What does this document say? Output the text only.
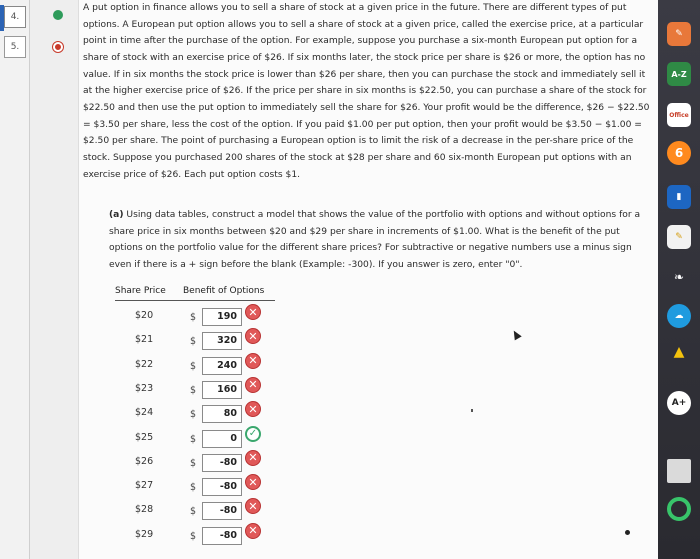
4.
5.

A put option in finance allows you to sell a share of stock at a given price in the future. There are different types of put options. A European put option allows you to sell a share of stock at a given price, called the exercise price, at a particular point in time after the purchase of the option. For example, suppose you purchase a six-month European put option for a share of stock with an exercise price of $26. If six months later, the stock price per share is $26 or more, the option has no value. If in six months the stock price is lower than $26 per share, then you can purchase the stock and immediately sell it at the higher exercise price of $26. If the price per share in six months is $22.50, you can purchase a share of the stock for $22.50 and then use the put option to immediately sell the share for $26. Your profit would be the difference, $26 − $22.50 = $3.50 per share, less the cost of the option. If you paid $1.00 per put option, then your profit would be $3.50 − $1.00 = $2.50 per share. The point of purchasing a European option is to limit the risk of a decrease in the per-share price of the stock. Suppose you purchased 200 shares of the stock at $28 per share and 60 six-month European put options with an exercise price of $26. Each put option costs $1.

(a) Using data tables, construct a model that shows the value of the portfolio with options and without options for a share price in six months between $20 and $29 per share in increments of $1.00. What is the benefit of the put options on the portfolio value for the different share prices? For subtractive or negative numbers use a minus sign even if there is a + sign before the blank (Example: -300). If you answer is zero, enter "0".

Share Price Benefit of Options
$20	$	190	✕
$21	$	320	✕
$22	$	240	✕
$23	$	160	✕
$24	$	80	✕
$25	$	0	✓
$26	$	-80	✕
$27	$	-80	✕
$28	$	-80	✕
$29	$	-80	✕
✎
A-Z
Office
6
▮
✎
❧
☁
▲
A+
